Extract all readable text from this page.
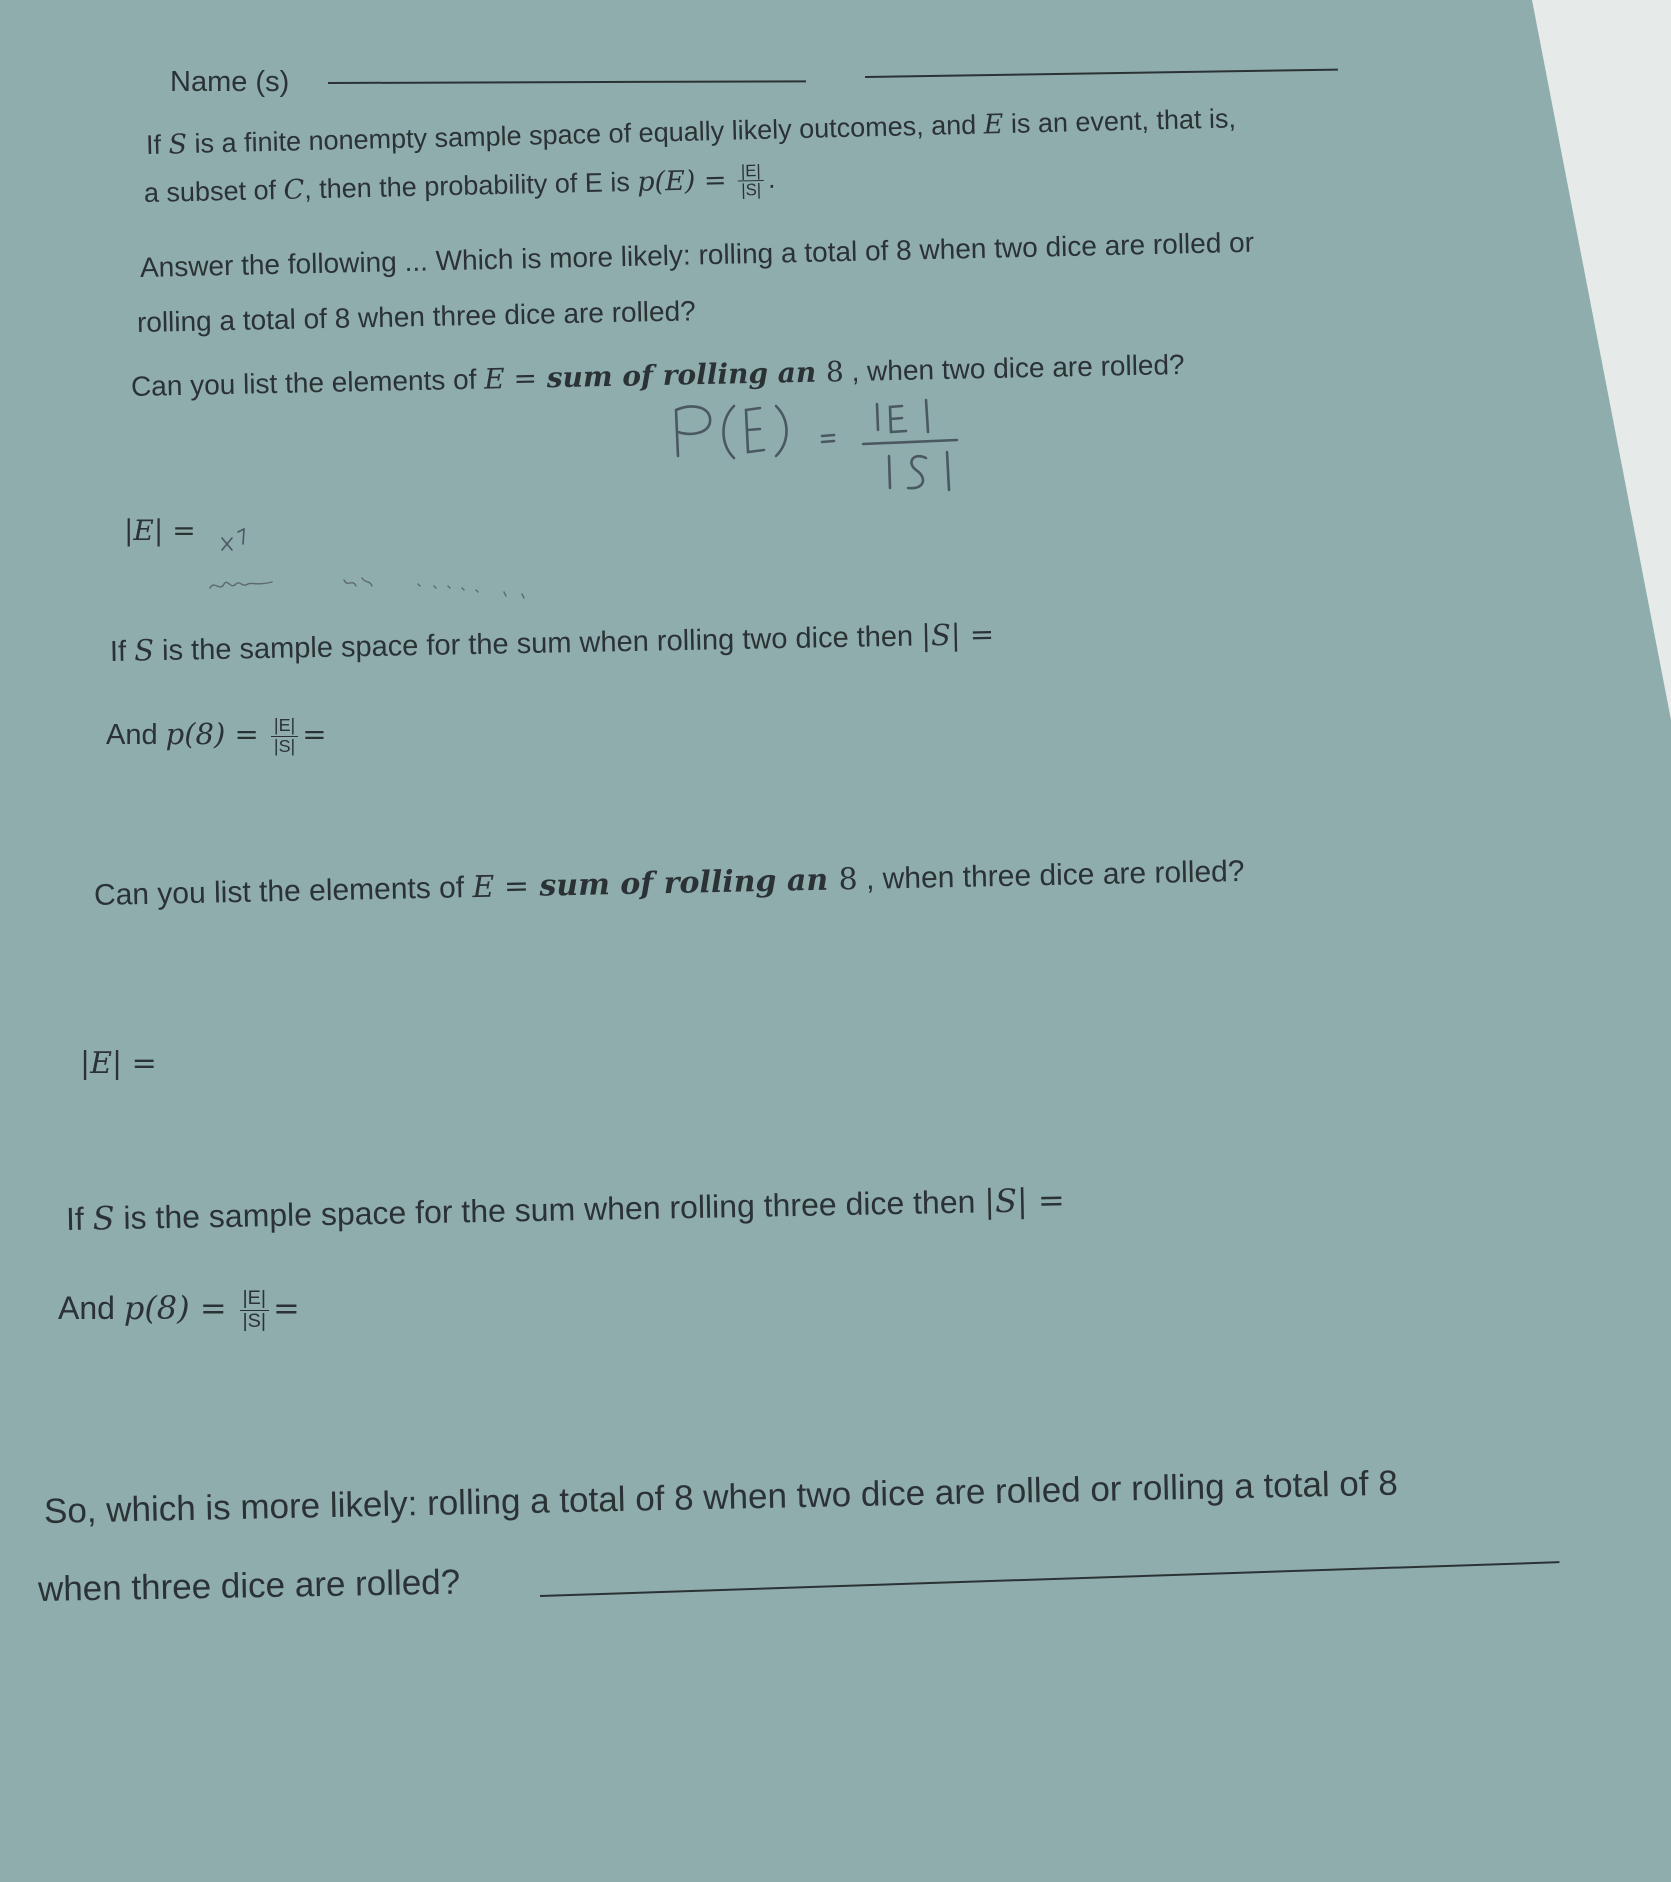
Name (s)
If S is a finite nonempty sample space of equally likely outcomes, and E is an event, that is,
a subset of C, then the probability of E is $p(E) = \frac{|E|}{|S|}$ .
Answer the following ... Which is more likely: rolling a total of 8 when two dice are rolled or
rolling a total of 8 when three dice are rolled?
Can you list the elements of E = sum of rolling an 8 , when two dice are rolled?
|E| =
If S is the sample space for the sum when rolling two dice then |S| =
And $p(8) = \frac{|E|}{|S|}$ =
Can you list the elements of E = sum of rolling an 8 , when three dice are rolled?
|E| =
If S is the sample space for the sum when rolling three dice then |S| =
And $p(8) = \frac{|E|}{|S|}$ =
So, which is more likely: rolling a total of 8 when two dice are rolled or rolling a total of 8
when three dice are rolled?
